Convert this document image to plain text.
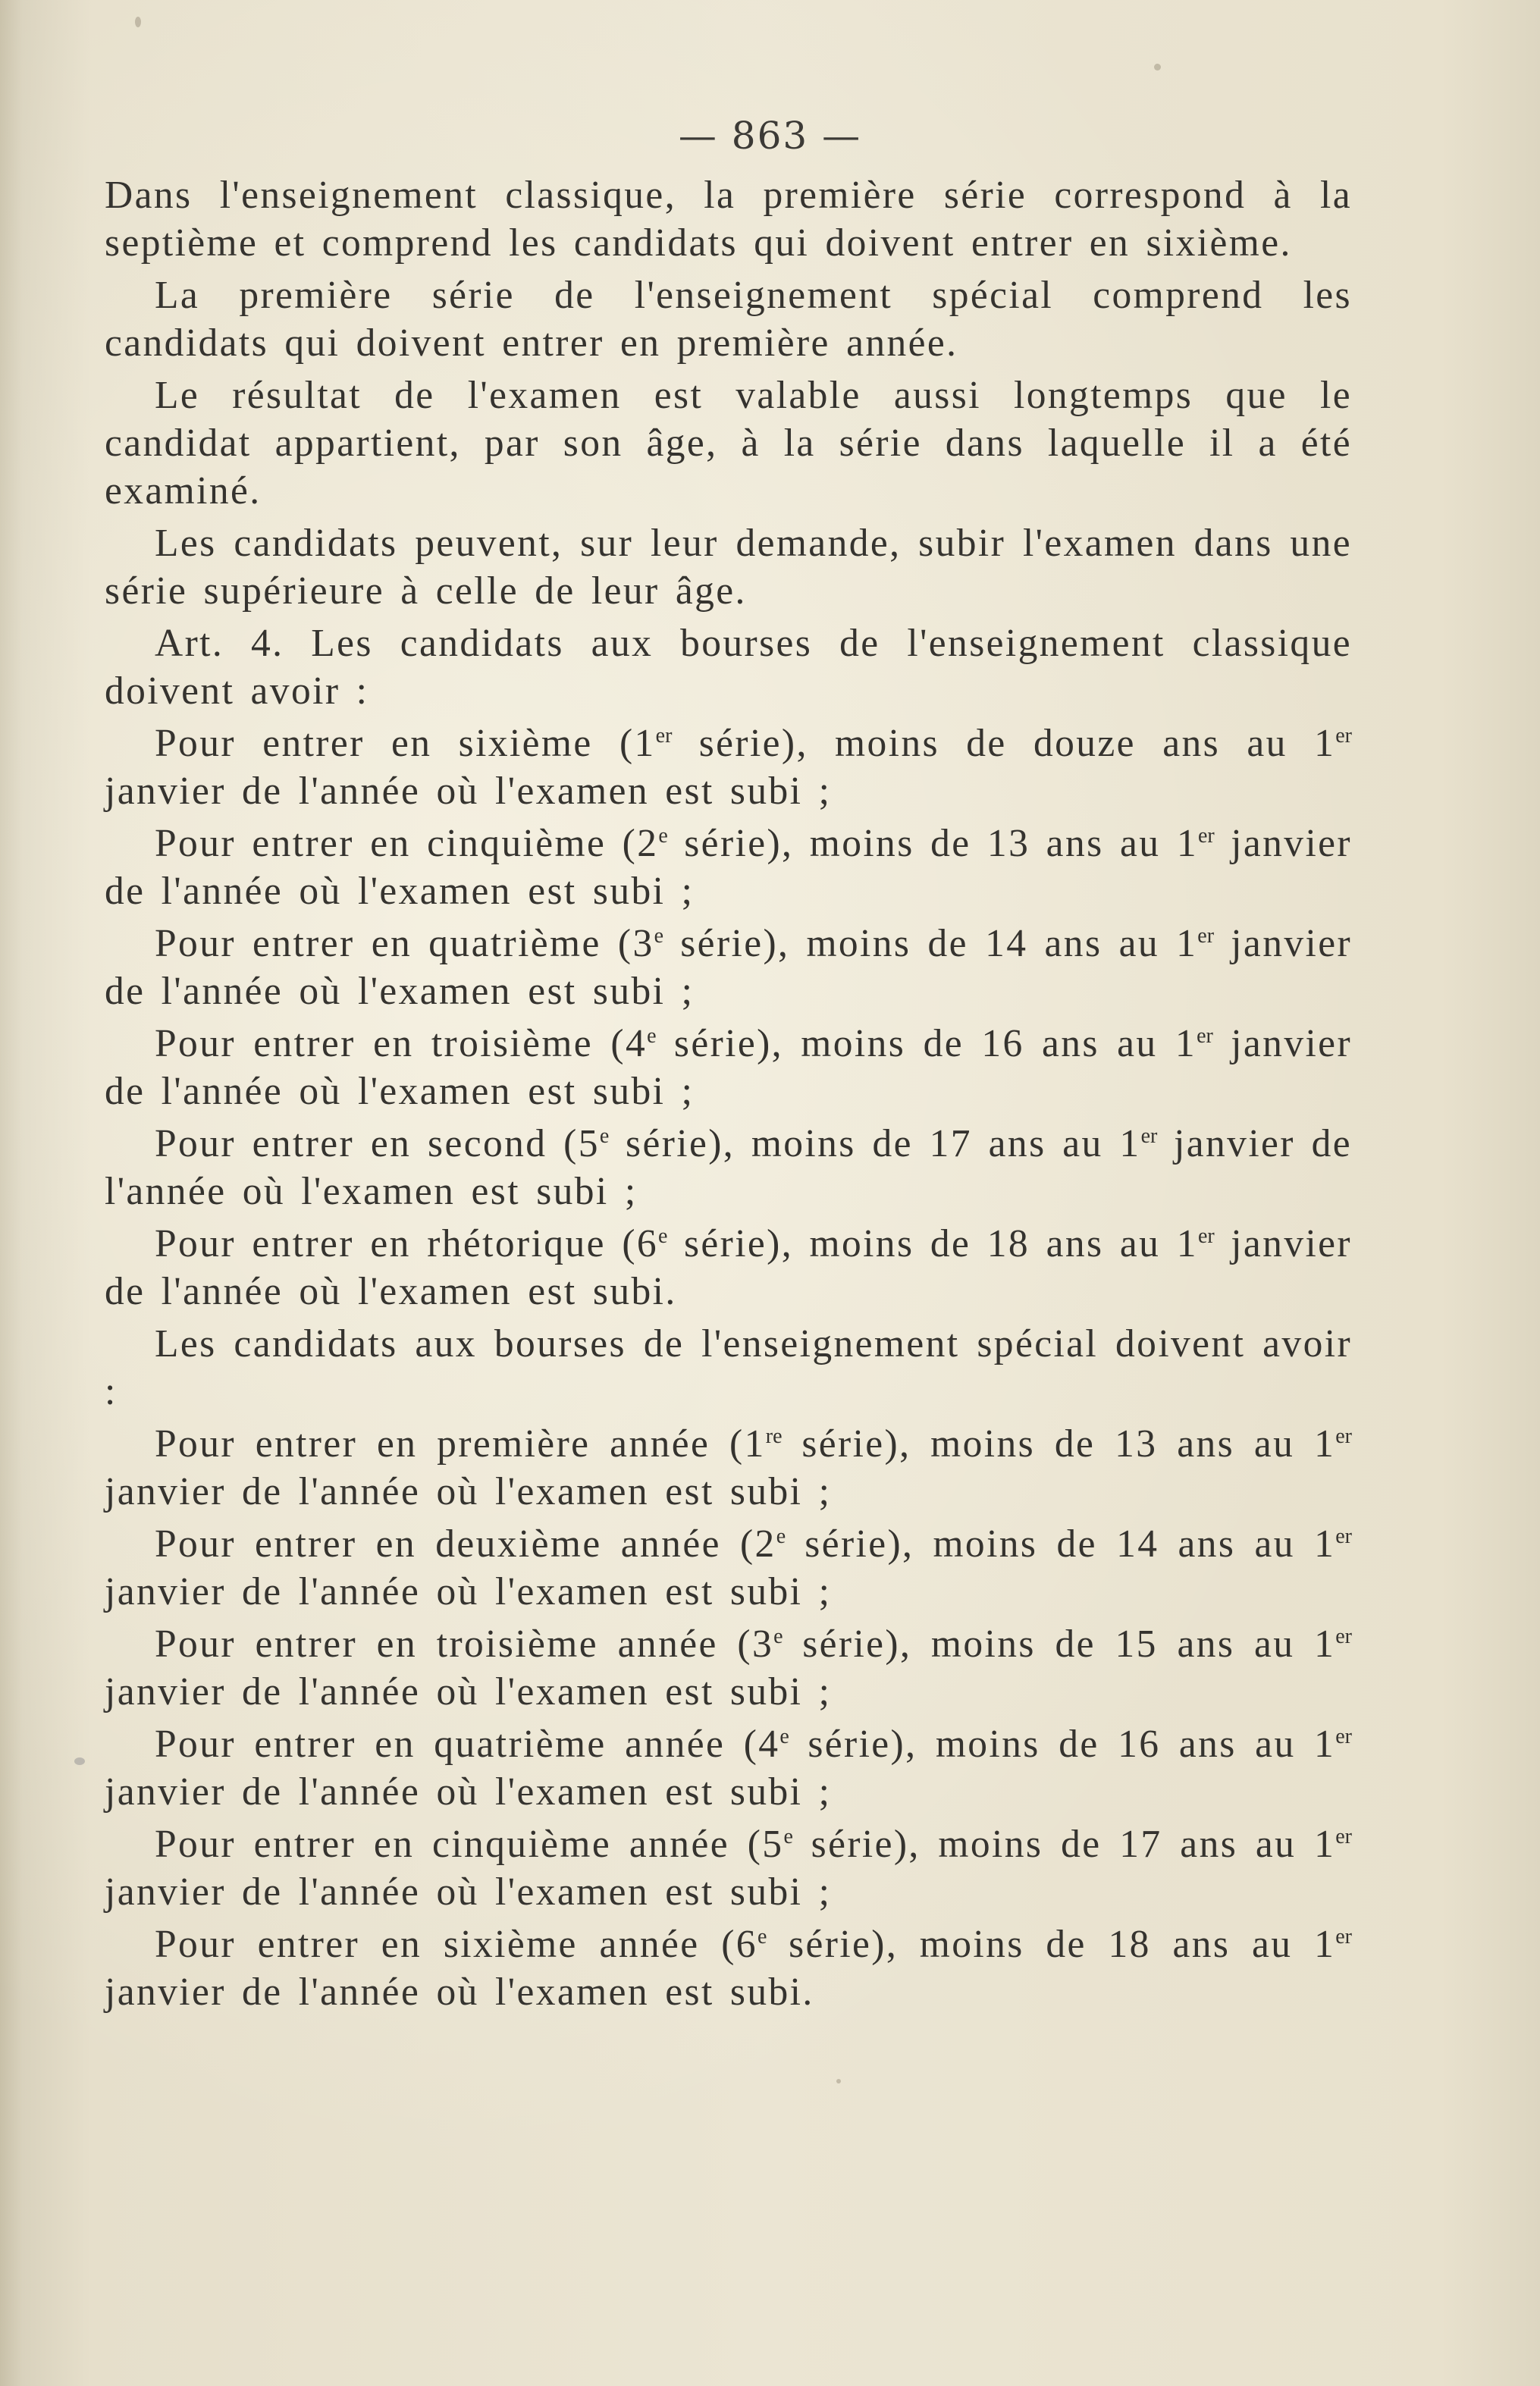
— 863 —

Dans l'enseignement classique, la première série correspond à la septième et comprend les candidats qui doivent entrer en sixième.

La première série de l'enseignement spécial comprend les candidats qui doivent entrer en première année.

Le résultat de l'examen est valable aussi longtemps que le candidat appartient, par son âge, à la série dans laquelle il a été examiné.

Les candidats peuvent, sur leur demande, subir l'examen dans une série supérieure à celle de leur âge.

Art. 4. Les candidats aux bourses de l'enseignement classique doivent avoir :

Pour entrer en sixième (1er série), moins de douze ans au 1er janvier de l'année où l'examen est subi ;

Pour entrer en cinquième (2e série), moins de 13 ans au 1er janvier de l'année où l'examen est subi ;

Pour entrer en quatrième (3e série), moins de 14 ans au 1er janvier de l'année où l'examen est subi ;

Pour entrer en troisième (4e série), moins de 16 ans au 1er janvier de l'année où l'examen est subi ;

Pour entrer en second (5e série), moins de 17 ans au 1er janvier de l'année où l'examen est subi ;

Pour entrer en rhétorique (6e série), moins de 18 ans au 1er janvier de l'année où l'examen est subi.

Les candidats aux bourses de l'enseignement spécial doivent avoir :

Pour entrer en première année (1re série), moins de 13 ans au 1er janvier de l'année où l'examen est subi ;

Pour entrer en deuxième année (2e série), moins de 14 ans au 1er janvier de l'année où l'examen est subi ;

Pour entrer en troisième année (3e série), moins de 15 ans au 1er janvier de l'année où l'examen est subi ;

Pour entrer en quatrième année (4e série), moins de 16 ans au 1er janvier de l'année où l'examen est subi ;

Pour entrer en cinquième année (5e série), moins de 17 ans au 1er janvier de l'année où l'examen est subi ;

Pour entrer en sixième année (6e série), moins de 18 ans au 1er janvier de l'année où l'examen est subi.
